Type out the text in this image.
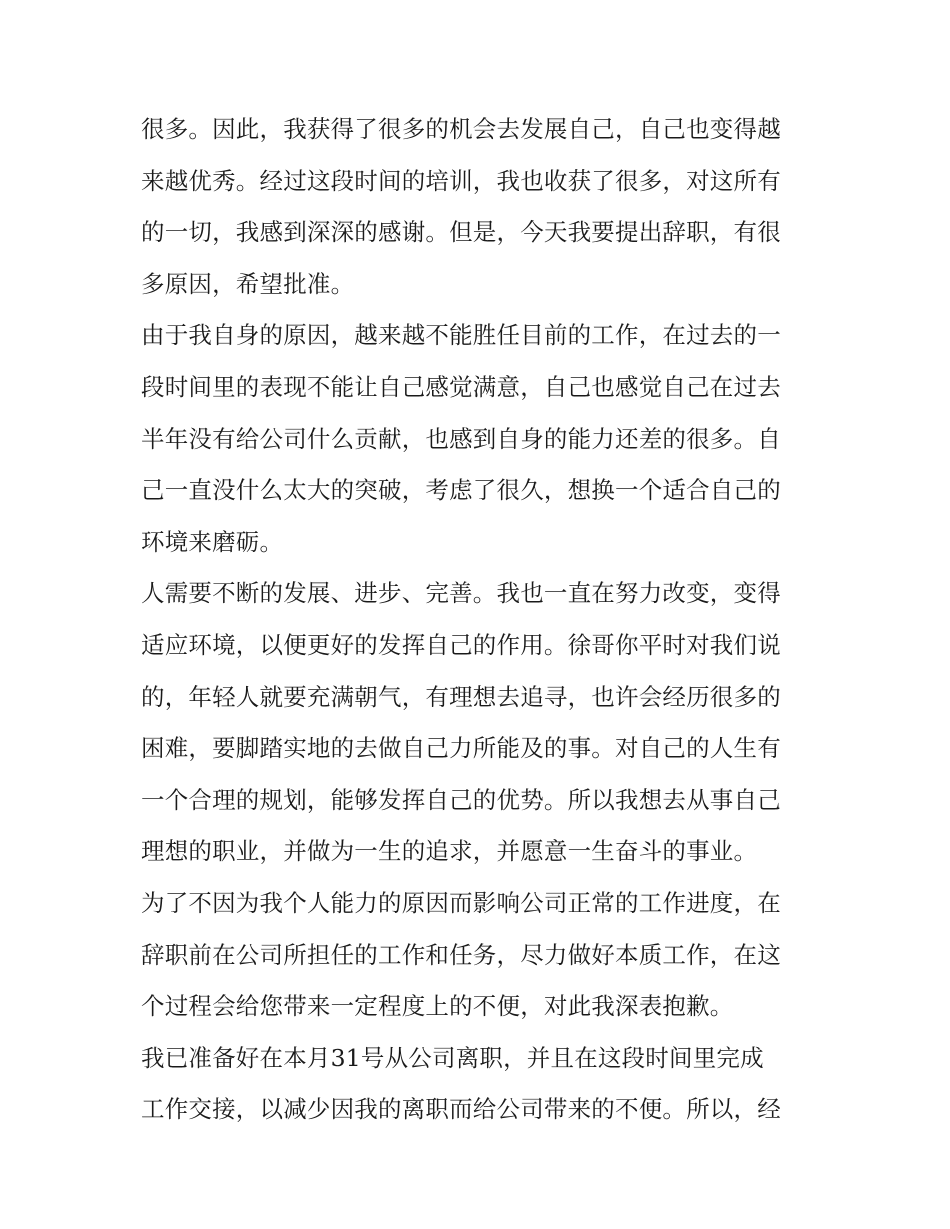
很多。因此，我获得了很多的机会去发展自己，自己也变得越
来越优秀。经过这段时间的培训，我也收获了很多，对这所有
的一切，我感到深深的感谢。但是，今天我要提出辞职，有很
多原因，希望批准。
由于我自身的原因，越来越不能胜任目前的工作，在过去的一
段时间里的表现不能让自己感觉满意，自己也感觉自己在过去
半年没有给公司什么贡献，也感到自身的能力还差的很多。自
己一直没什么太大的突破，考虑了很久，想换一个适合自己的
环境来磨砺。
人需要不断的发展、进步、完善。我也一直在努力改变，变得
适应环境，以便更好的发挥自己的作用。徐哥你平时对我们说
的，年轻人就要充满朝气，有理想去追寻，也许会经历很多的
困难，要脚踏实地的去做自己力所能及的事。对自己的人生有
一个合理的规划，能够发挥自己的优势。所以我想去从事自己
理想的职业，并做为一生的追求，并愿意一生奋斗的事业。
为了不因为我个人能力的原因而影响公司正常的工作进度，在
辞职前在公司所担任的工作和任务，尽力做好本质工作，在这
个过程会给您带来一定程度上的不便，对此我深表抱歉。
我已准备好在本月31号从公司离职，并且在这段时间里完成
工作交接，以减少因我的离职而给公司带来的不便。所以，经
